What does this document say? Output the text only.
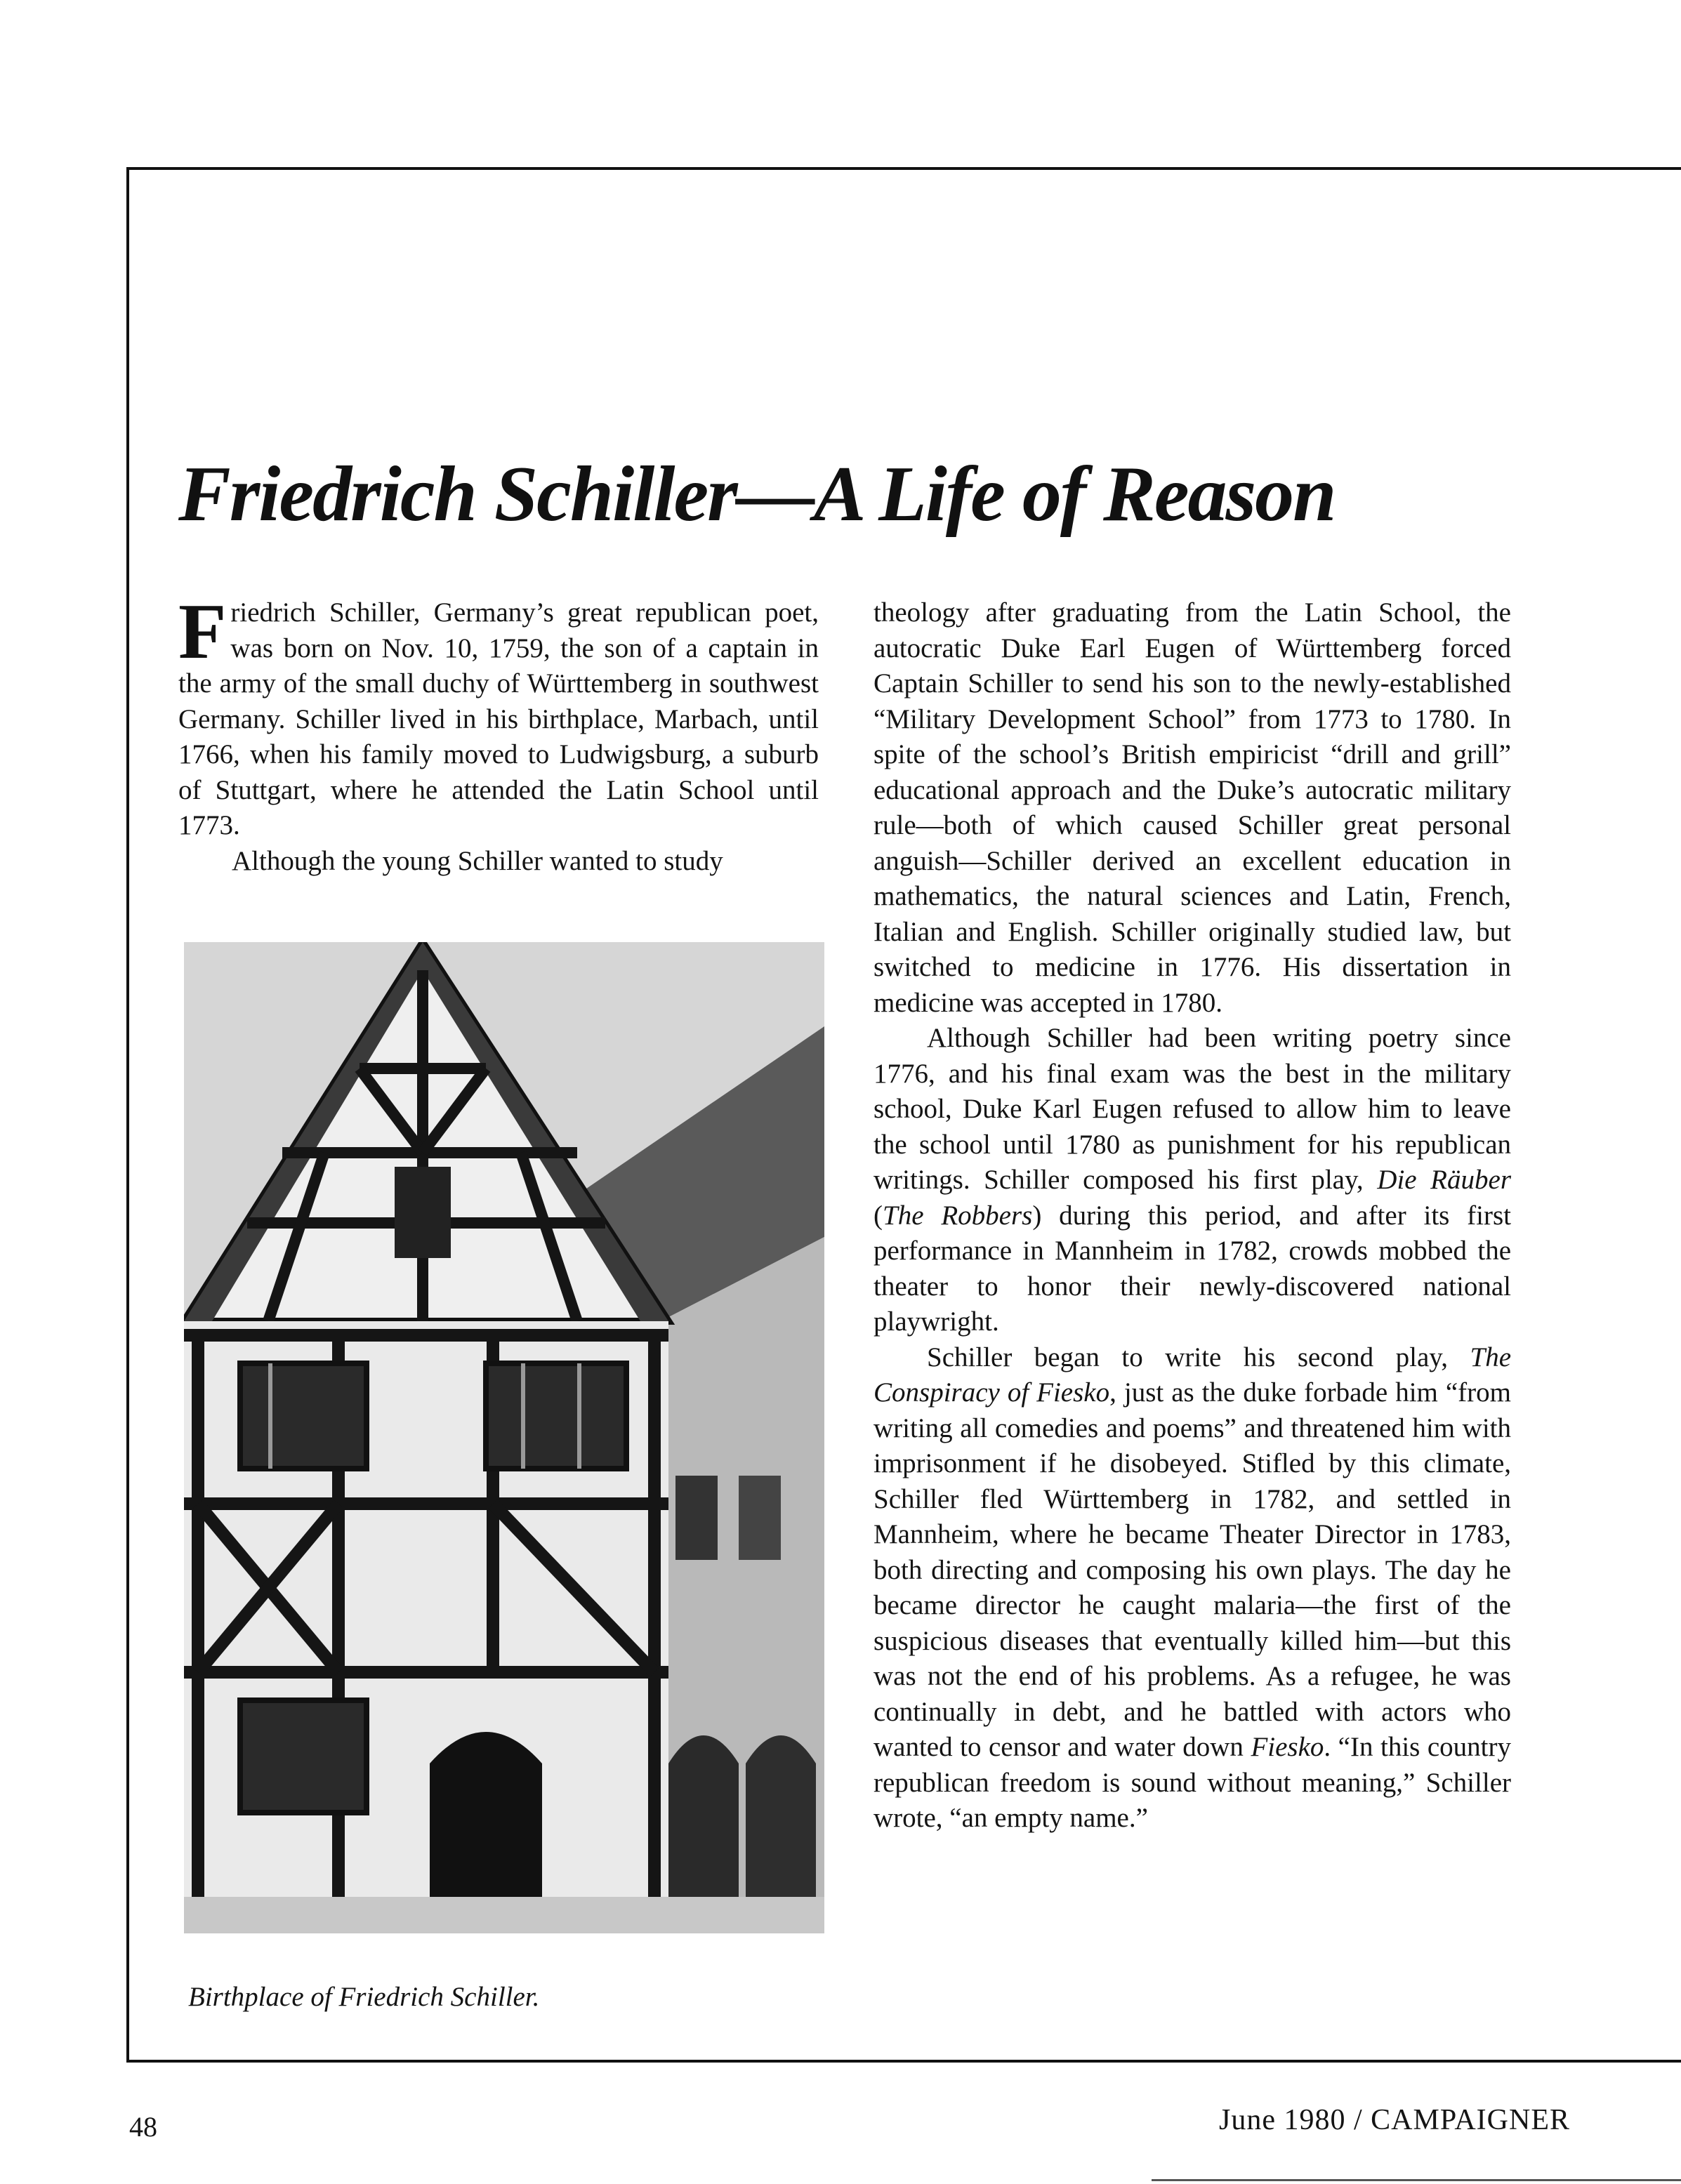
Friedrich Schiller—A Life of Reason

Friedrich Schiller, Germany’s great republican poet, was born on Nov. 10, 1759, the son of a captain in the army of the small duchy of Württemberg in southwest Germany. Schiller lived in his birthplace, Marbach, until 1766, when his family moved to Ludwigsburg, a suburb of Stuttgart, where he attended the Latin School until 1773.

Although the young Schiller wanted to study

Birthplace of Friedrich Schiller.

theology after graduating from the Latin School, the autocratic Duke Earl Eugen of Württemberg forced Captain Schiller to send his son to the newly-established “Military Development School” from 1773 to 1780. In spite of the school’s British empiricist “drill and grill” educational approach and the Duke’s autocratic military rule—both of which caused Schiller great personal anguish—Schiller derived an excellent education in mathematics, the natural sciences and Latin, French, Italian and English. Schiller originally studied law, but switched to medicine in 1776. His dissertation in medicine was accepted in 1780.

Although Schiller had been writing poetry since 1776, and his final exam was the best in the military school, Duke Karl Eugen refused to allow him to leave the school until 1780 as punishment for his republican writings. Schiller composed his first play, Die Räuber (The Robbers) during this period, and after its first performance in Mannheim in 1782, crowds mobbed the theater to honor their newly-discovered national playwright.

Schiller began to write his second play, The Conspiracy of Fiesko, just as the duke forbade him “from writing all comedies and poems” and threatened him with imprisonment if he disobeyed. Stifled by this climate, Schiller fled Württemberg in 1782, and settled in Mannheim, where he became Theater Director in 1783, both directing and composing his own plays. The day he became director he caught malaria—the first of the suspicious diseases that eventually killed him—but this was not the end of his problems. As a refugee, he was continually in debt, and he battled with actors who wanted to censor and water down Fiesko. “In this country republican freedom is sound without meaning,” Schiller wrote, “an empty name.”

48	June 1980 / CAMPAIGNER
